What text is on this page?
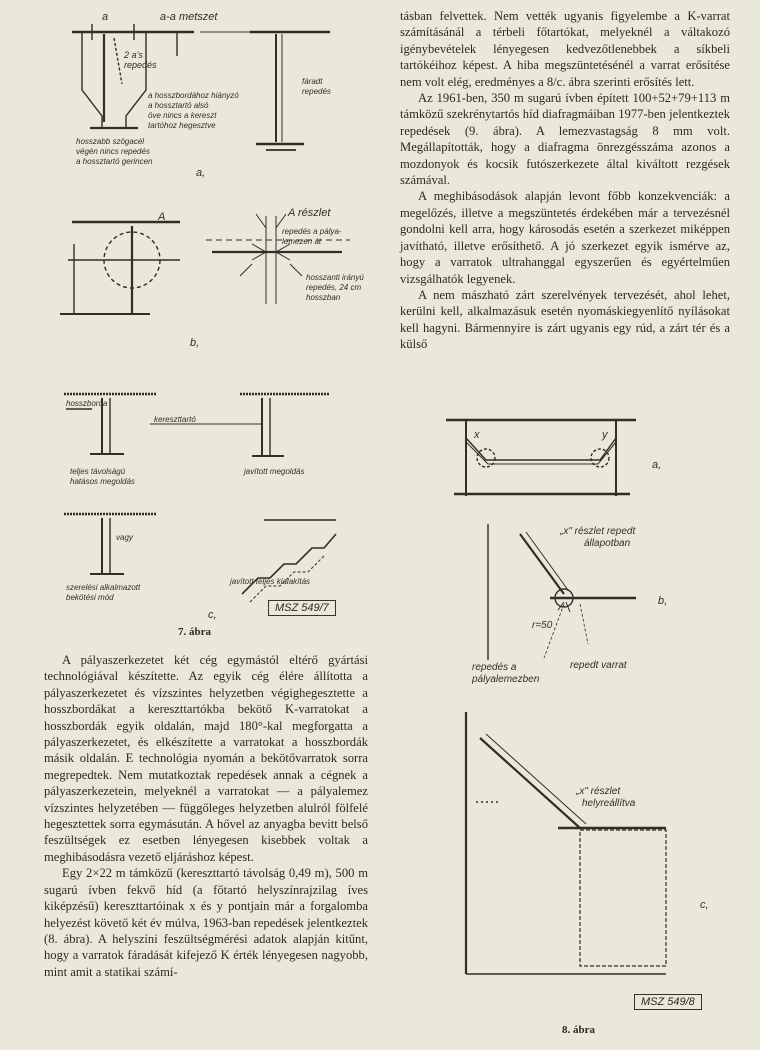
a	a-a metszet
2 a’s
repedés
a hosszbordához hiányzó
a hossztartó alsó
öve nincs a kereszt
tartóhoz hegesztve
hosszabb szögacél
végén nincs repedés
a hossztartó gerincen
fáradt
repedés
a,
A	A részlet
repedés a pálya-
lemezen át
hosszanti irányú
repedés, 24 cm
hosszban
b,
hosszborda
kereszttartó
teljes távolságú
hatásos megoldás
javított megoldás
vagy
szerelési alkalmazott
bekötési mód
javított teljes kialakítás
c,
MSZ 549/7
7. ábra

A pályaszerkezetet két cég egymástól eltérő gyártási technológiával készítette. Az egyik cég élére állította a pályaszerkezetet és vízszintes helyzetben végighegesztette a hosszbordákat a kereszttartókba bekötő K-varratokat a hosszbordák egyik oldalán, majd 180°-kal megforgatta a pályaszerkezetet, és elkészítette a varratokat a hosszbordák másik oldalán. E technológia nyomán a bekötővarratok sorra megrepedtek. Nem mutatkoztak repedések annak a cégnek a pályaszerkezetein, melyeknél a varratokat — a pályalemez vízszintes helyzetében — függőleges helyzetben alulról fölfelé hegesztettek sorra egymásután. A hővel az anyagba bevitt belső feszültségek ez esetben lényegesen kisebbek voltak a meghibásodásra vezető eljáráshoz képest.

Egy 2×22 m támközű (kereszttartó távolság 0,49 m), 500 m sugarú ívben fekvő híd (a főtartó helyszínrajzilag íves kiképzésű) kereszttartóinak x és y pontjain már a forgalomba helyezést követő két év múlva, 1963-ban repedések jelentkeztek (8. ábra). A helyszíni feszültségmérési adatok alapján kitűnt, hogy a varratok fáradását kifejező K érték lényegesen nagyobb, mint amit a statikai számí-

tásban felvettek. Nem vették ugyanis figyelembe a K-varrat számításánál a térbeli főtartókat, melyeknél a váltakozó igénybevételek lényegesen kedvezőtlenebbek a síkbeli tartókéihoz képest. A hiba megszüntetésénél a varrat erősítése nem volt elég, eredményes a 8/c. ábra szerinti erősítés lett.

Az 1961-ben, 350 m sugarú ívben épített 100+52+79+113 m támközű szekrénytartós híd diafragmáiban 1977-ben jelentkeztek repedések (9. ábra). A lemezvastagság 8 mm volt. Megállapították, hogy a diafragma önrezgésszáma azonos a mozdonyok és kocsik futószerkezete által kiváltott rezgések számával.

A meghibásodások alapján levont főbb konzekvenciák: a megelőzés, illetve a megszüntetés érdekében már a tervezésnél gondolni kell arra, hogy károsodás esetén a szerkezet miképpen javítható, illetve erősíthető. A jó szerkezet egyik ismérve az, hogy a varratok ultrahanggal egyszerűen és egyértelműen vizsgálhatók legyenek.

A nem mászható zárt szerelvények tervezését, ahol lehet, kerülni kell, alkalmazásuk esetén nyomáskiegyenlítő nyílásokat kell hagyni. Bármennyire is zárt ugyanis egy rúd, a zárt tér és a külső

x	y
a,
„x" részlet repedt
állapotban
b,
r=50
repedés a
pályalemezben
repedt varrat
„x" részlet
helyreállítva
c,
MSZ 549/8
8. ábra
